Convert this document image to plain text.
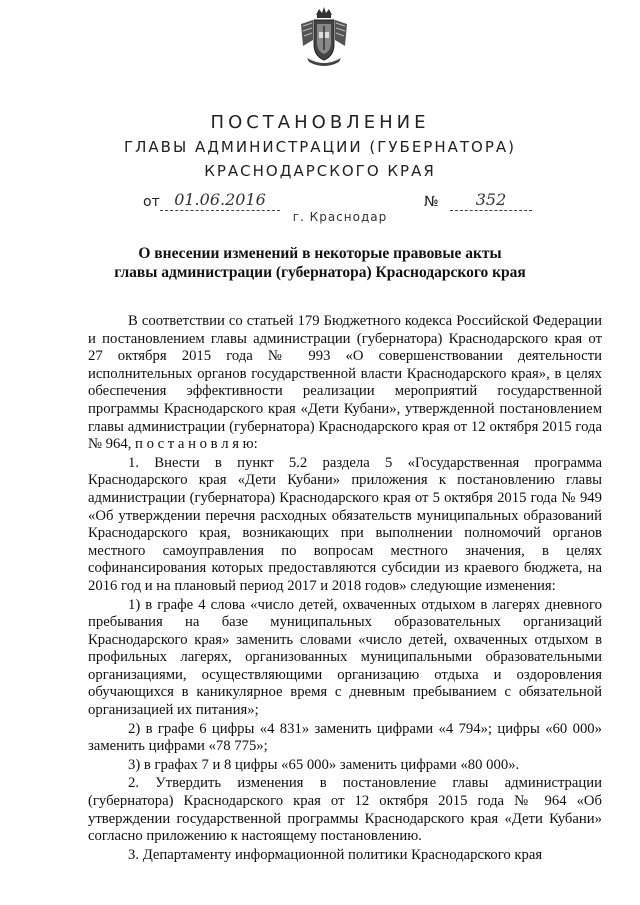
ПОСТАНОВЛЕНИЕ
ГЛАВЫ АДМИНИСТРАЦИИ (ГУБЕРНАТОРА)
КРАСНОДАРСКОГО КРАЯ
от 01.06.2016	№	352
г. Краснодар
О внесении изменений в некоторые правовые акты
главы администрации (губернатора) Краснодарского края

В соответствии со статьей 179 Бюджетного кодекса Российской Федерации и постановлением главы администрации (губернатора) Краснодарского края от 27 октября 2015 года № 993 «О совершенствовании деятельности исполнительных органов государственной власти Краснодарского края», в целях обеспечения эффективности реализации мероприятий государственной программы Краснодарского края «Дети Кубани», утвержденной постановлением главы администрации (губернатора) Краснодарского края от 12 октября 2015 года № 964, п о с т а н о в л я ю:

1. Внести в пункт 5.2 раздела 5 «Государственная программа Краснодарского края «Дети Кубани» приложения к постановлению главы администрации (губернатора) Краснодарского края от 5 октября 2015 года № 949 «Об утверждении перечня расходных обязательств муниципальных образований Краснодарского края, возникающих при выполнении полномочий органов местного самоуправления по вопросам местного значения, в целях софинансирования которых предоставляются субсидии из краевого бюджета, на 2016 год и на плановый период 2017 и 2018 годов» следующие изменения:

1) в графе 4 слова «число детей, охваченных отдыхом в лагерях дневного пребывания на базе муниципальных образовательных организаций Краснодарского края» заменить словами «число детей, охваченных отдыхом в профильных лагерях, организованных муниципальными образовательными организациями, осуществляющими организацию отдыха и оздоровления обучающихся в каникулярное время с дневным пребыванием с обязательной организацией их питания»;

2) в графе 6 цифры «4 831» заменить цифрами «4 794»; цифры «60 000» заменить цифрами «78 775»;

3) в графах 7 и 8 цифры «65 000» заменить цифрами «80 000».

2. Утвердить изменения в постановление главы администрации (губернатора) Краснодарского края от 12 октября 2015 года № 964 «Об утверждении государственной программы Краснодарского края «Дети Кубани» согласно приложению к настоящему постановлению.

3. Департаменту информационной политики Краснодарского края
